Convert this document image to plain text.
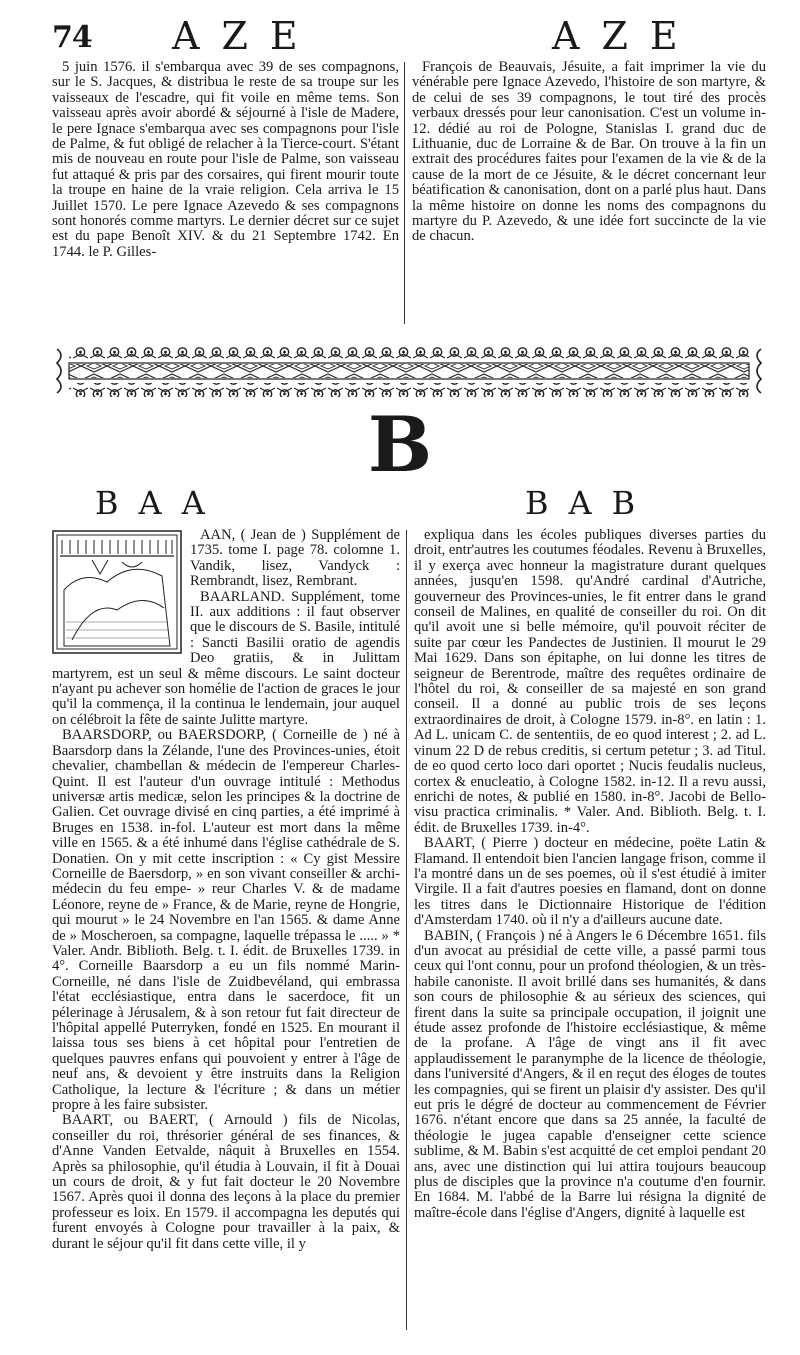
74 AZE	AZE

5 juin 1576. il s'embarqua avec 39 de ses compagnons, sur le S. Jacques, & distribua le reste de sa troupe sur les vaisseaux de l'escadre, qui fit voile en même tems. Son vaisseau après avoir abordé & séjourné à l'isle de Madere, le pere Ignace s'embarqua avec ses compagnons pour l'isle de Palme, & fut obligé de relacher à la Tierce-court. S'étant mis de nouveau en route pour l'isle de Palme, son vaisseau fut attaqué & pris par des corsaires, qui firent mourir toute la troupe en haine de la vraie religion. Cela arriva le 15 Juillet 1570. Le pere Ignace Azevedo & ses compagnons sont honorés comme martyrs. Le dernier décret sur ce sujet est du pape Benoît XIV. & du 21 Septembre 1742. En 1744. le P. Gilles-

François de Beauvais, Jésuite, a fait imprimer la vie du vénérable pere Ignace Azevedo, l'histoire de son martyre, & de celui de ses 39 compagnons, le tout tiré des procès verbaux dressés pour leur canonisation. C'est un volume in-12. dédié au roi de Pologne, Stanislas I. grand duc de Lithuanie, duc de Lorraine & de Bar. On trouve à la fin un extrait des procédures faites pour l'examen de la vie & de la cause de la mort de ce Jésuite, & le décret concernant leur béatification & canonisation, dont on a parlé plus haut. Dans la même histoire on donne les noms des compagnons du martyre du P. Azevedo, & une idée fort succincte de la vie de chacun.

B
BAA	BAB

AAN, ( Jean de ) Supplément de 1735. tome I. page 78. colomne 1. Vandik, lisez, Vandyck : Rembrandt, lisez, Rembrant.

BAARLAND. Supplément, tome II. aux additions : il faut observer que le discours de S. Basile, intitulé : Sancti Basilii oratio de agendis Deo gratiis, & in Julittam martyrem, est un seul & même discours. Le saint docteur n'ayant pu achever son homélie de l'action de graces le jour qu'il la commença, il la continua le lendemain, jour auquel on célébroit la fête de sainte Julitte martyre.

BAARSDORP, ou BAERSDORP, ( Corneille de ) né à Baarsdorp dans la Zélande, l'une des Provinces-unies, étoit chevalier, chambellan & médecin de l'empereur Charles-Quint. Il est l'auteur d'un ouvrage intitulé : Methodus universæ artis medicæ, selon les principes & la doctrine de Galien. Cet ouvrage divisé en cinq parties, a été imprimé à Bruges en 1538. in-fol. L'auteur est mort dans la même ville en 1565. & a été inhumé dans l'église cathédrale de S. Donatien. On y mit cette inscription : « Cy gist Messire Corneille de Baersdorp, » en son vivant conseiller & archi-médecin du feu empe- » reur Charles V. & de madame Léonore, reyne de » France, & de Marie, reyne de Hongrie, qui mourut » le 24 Novembre en l'an 1565. & dame Anne de » Moscheroen, sa compagne, laquelle trépassa le ..... » * Valer. Andr. Biblioth. Belg. t. I. édit. de Bruxelles 1739. in 4°. Corneille Baarsdorp a eu un fils nommé Marin-Corneille, né dans l'isle de Zuidbevéland, qui embrassa l'état ecclésiastique, entra dans le sacerdoce, fit un pélerinage à Jérusalem, & à son retour fut fait directeur de l'hôpital appellé Puterryken, fondé en 1525. En mourant il laissa tous ses biens à cet hôpital pour l'entretien de quelques pauvres enfans qui pouvoient y entrer à l'âge de neuf ans, & devoient y être instruits dans la Religion Catholique, la lecture & l'écriture ; & dans un métier propre à les faire subsister.

BAART, ou BAERT, ( Arnould ) fils de Nicolas, conseiller du roi, thrésorier général de ses finances, & d'Anne Vanden Eetvalde, nâquit à Bruxelles en 1554. Après sa philosophie, qu'il étudia à Louvain, il fit à Douai un cours de droit, & y fut fait docteur le 20 Novembre 1567. Après quoi il donna des leçons à la place du premier professeur es loix. En 1579. il accompagna les deputés qui furent envoyés à Cologne pour travailler à la paix, & durant le séjour qu'il fit dans cette ville, il y

expliqua dans les écoles publiques diverses parties du droit, entr'autres les coutumes féodales. Revenu à Bruxelles, il y exerça avec honneur la magistrature durant quelques années, jusqu'en 1598. qu'André cardinal d'Autriche, gouverneur des Provinces-unies, le fit entrer dans le grand conseil de Malines, en qualité de conseiller du roi. On dit qu'il avoit une si belle mémoire, qu'il pouvoit réciter de suite par cœur les Pandectes de Justinien. Il mourut le 29 Mai 1629. Dans son épitaphe, on lui donne les titres de seigneur de Berentrode, maître des requêtes ordinaire de l'hôtel du roi, & conseiller de sa majesté en son grand conseil. Il a donné au public trois de ses leçons extraordinaires de droit, à Cologne 1579. in-8°. en latin : 1. Ad L. unicam C. de sententiis, de eo quod interest ; 2. ad L. vinum 22 D de rebus creditis, si certum petetur ; 3. ad Titul. de eo quod certo loco dari oportet ; Nucis feudalis nucleus, cortex & enucleatio, à Cologne 1582. in-12. Il a revu aussi, enrichi de notes, & publié en 1580. in-8°. Jacobi de Bello-visu practica criminalis. * Valer. And. Biblioth. Belg. t. I. édit. de Bruxelles 1739. in-4°.

BAART, ( Pierre ) docteur en médecine, poëte Latin & Flamand. Il entendoit bien l'ancien langage frison, comme il l'a montré dans un de ses poemes, où il s'est étudié à imiter Virgile. Il a fait d'autres poesies en flamand, dont on donne les titres dans le Dictionnaire Historique de l'édition d'Amsterdam 1740. où il n'y a d'ailleurs aucune date.

BABIN, ( François ) né à Angers le 6 Décembre 1651. fils d'un avocat au présidial de cette ville, a passé parmi tous ceux qui l'ont connu, pour un profond théologien, & un très-habile canoniste. Il avoit brillé dans ses humanités, & dans son cours de philosophie & au sérieux des sciences, qui firent dans la suite sa principale occupation, il joignit une étude assez profonde de l'histoire ecclésiastique, & même de la profane. A l'âge de vingt ans il fit avec applaudissement le paranymphe de la licence de théologie, dans l'université d'Angers, & il en reçut des éloges de toutes les compagnies, qui se firent un plaisir d'y assister. Des qu'il eut pris le dégré de docteur au commencement de Février 1676. n'étant encore que dans sa 25 année, la faculté de théologie le jugea capable d'enseigner cette science sublime, & M. Babin s'est acquitté de cet emploi pendant 20 ans, avec une distinction qui lui attira toujours beaucoup plus de disciples que la province n'a coutume d'en fournir. En 1684. M. l'abbé de la Barre lui résigna la dignité de maître-école dans l'église d'Angers, dignité à laquelle est
